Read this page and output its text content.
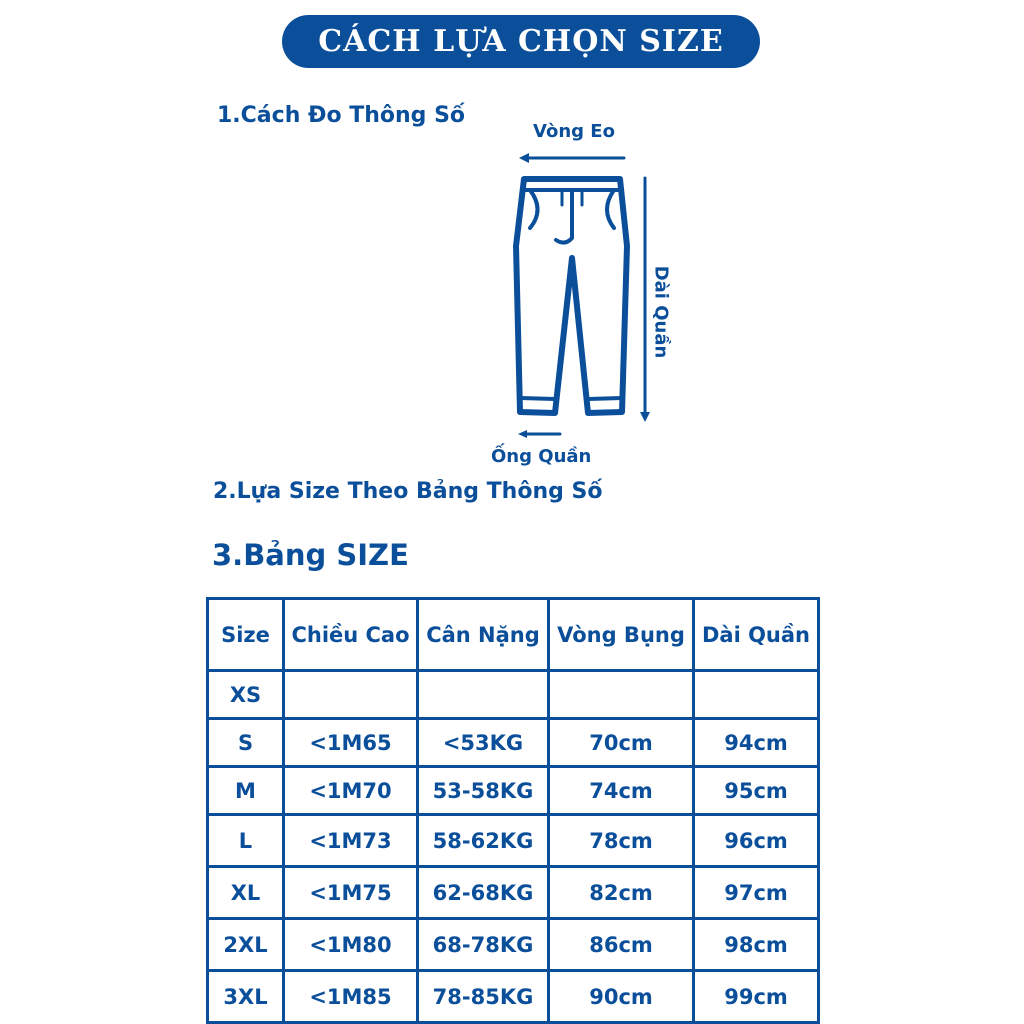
CÁCH LỰA CHỌN SIZE
1.Cách Đo Thông Số
Vòng Eo
Dài Quần
Ống Quần
2.Lựa Size Theo Bảng Thông Số
3.Bảng SIZE
Size	Chiều Cao	Cân Nặng	Vòng Bụng	Dài Quần
XS				
S	<1M65	<53KG	70cm	94cm
M	<1M70	53-58KG	74cm	95cm
L	<1M73	58-62KG	78cm	96cm
XL	<1M75	62-68KG	82cm	97cm
2XL	<1M80	68-78KG	86cm	98cm
3XL	<1M85	78-85KG	90cm	99cm
